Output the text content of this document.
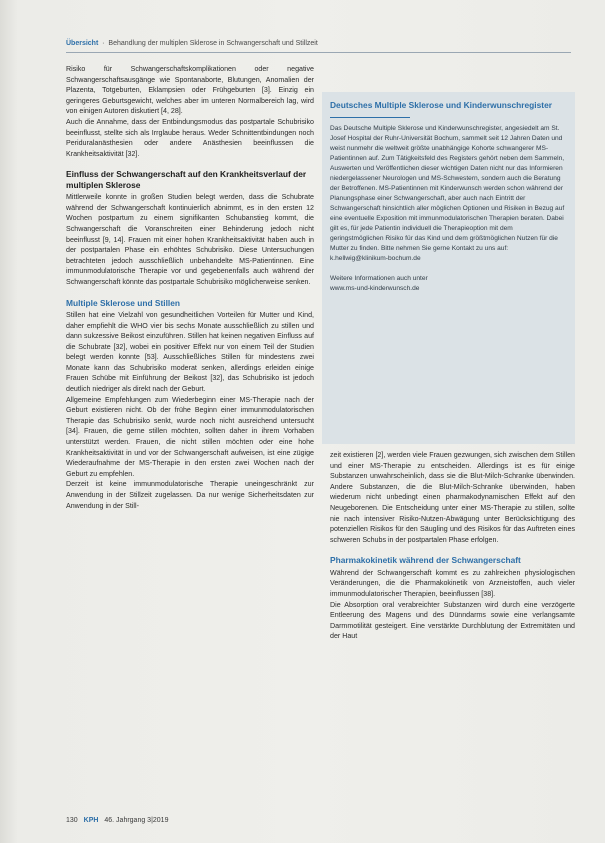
Übersicht  ·  Behandlung der multiplen Sklerose in Schwangerschaft und Stillzeit

Risiko für Schwangerschaftskomplikationen oder negative Schwangerschaftsausgänge wie Spontanaborte, Blutungen, Anomalien der Plazenta, Totgeburten, Eklampsien oder Frühgeburten [3]. Einzig ein geringeres Geburtsgewicht, welches aber im unteren Normalbereich lag, wird von einigen Autoren diskutiert [4, 28].

Auch die Annahme, dass der Entbindungsmodus das postpartale Schubrisiko beeinflusst, stellte sich als Irrglaube heraus. Weder Schnittentbindungen noch Periduralanästhesien oder andere Anästhesien beeinflussen die Krankheitsaktivität [32].

Einfluss der Schwangerschaft auf den Krankheitsverlauf der multiplen Sklerose

Mittlerweile konnte in großen Studien belegt werden, dass die Schubrate während der Schwangerschaft kontinuierlich abnimmt, es in den ersten 12 Wochen postpartum zu einem signifikanten Schubanstieg kommt, die Schwangerschaft die Voranschreiten einer Behinderung jedoch nicht beeinflusst [9, 14]. Frauen mit einer hohen Krankheitsaktivität haben auch in der postpartalen Phase ein erhöhtes Schubrisiko. Diese Untersuchungen betrachteten jedoch ausschließlich unbehandelte MS-Patientinnen. Eine immunmodulatorische Therapie vor und gegebenenfalls auch während der Schwangerschaft könnte das postpartale Schubrisiko möglicherweise senken.

Multiple Sklerose und Stillen

Stillen hat eine Vielzahl von gesundheitlichen Vorteilen für Mutter und Kind, daher empfiehlt die WHO vier bis sechs Monate ausschließlich zu stillen und dann sukzessive Beikost einzuführen. Stillen hat keinen negativen Einfluss auf die Schubrate [32], wobei ein positiver Effekt nur von einem Teil der Studien belegt werden konnte [53]. Ausschließliches Stillen für mindestens zwei Monate kann das Schubrisiko moderat senken, allerdings erleiden einige Frauen Schübe mit Einführung der Beikost [32], das Schubrisiko ist jedoch deutlich niedriger als direkt nach der Geburt.

Allgemeine Empfehlungen zum Wiederbeginn einer MS-Therapie nach der Geburt existieren nicht. Ob der frühe Beginn einer immunmodulatorischen Therapie das Schubrisiko senkt, wurde noch nicht ausreichend untersucht [34]. Frauen, die gerne stillen möchten, sollten daher in ihrem Vorhaben unterstützt werden. Frauen, die nicht stillen möchten oder eine hohe Krankheitsaktivität in und vor der Schwangerschaft aufweisen, ist eine zügige Wiederaufnahme der MS-Therapie in den ersten zwei Wochen nach der Geburt zu empfehlen.

Derzeit ist keine immunmodulatorische Therapie uneingeschränkt zur Anwendung in der Stillzeit zugelassen. Da nur wenige Sicherheitsdaten zur Anwendung in der Still-

Deutsches Multiple Sklerose und Kinderwunschregister

Das Deutsche Multiple Sklerose und Kinderwunschregister, angesiedelt am St. Josef Hospital der Ruhr-Universität Bochum, sammelt seit 12 Jahren Daten und weist nunmehr die weltweit größte unabhängige Kohorte schwangerer MS-Patientinnen auf. Zum Tätigkeitsfeld des Registers gehört neben dem Sammeln, Auswerten und Veröffentlichen dieser wichtigen Daten nicht nur das Informieren niedergelassener Neurologen und MS-Schwestern, sondern auch die Beratung der Betroffenen. MS-Patientinnen mit Kinderwunsch werden schon während der Planungsphase einer Schwangerschaft, aber auch nach Eintritt der Schwangerschaft hinsichtlich aller möglichen Optionen und Risiken in Bezug auf eine eventuelle Exposition mit immunmodulatorischen Therapien beraten. Dabei gilt es, für jede Patientin individuell die Therapieoption mit dem geringstmöglichen Risiko für das Kind und dem größtmöglichen Nutzen für die Mutter zu finden. Bitte nehmen Sie gerne Kontakt zu uns auf: k.hellwig@klinikum-bochum.de

Weitere Informationen auch unter

www.ms-und-kinderwunsch.de

zeit existieren [2], werden viele Frauen gezwungen, sich zwischen dem Stillen und einer MS-Therapie zu entscheiden. Allerdings ist es für einige Substanzen unwahrscheinlich, dass sie die Blut-Milch-Schranke überwinden. Andere Substanzen, die die Blut-Milch-Schranke überwinden, haben wiederum nicht unbedingt einen pharmakodynamischen Effekt auf den Neugeborenen. Die Entscheidung unter einer MS-Therapie zu stillen, sollte nie nach intensiver Risiko-Nutzen-Abwägung unter Berücksichtigung des potenziellen Risikos für den Säugling und des Risikos für das Auftreten eines schweren Schubs in der postpartalen Phase erfolgen.

Pharmakokinetik während der Schwangerschaft

Während der Schwangerschaft kommt es zu zahlreichen physiologischen Veränderungen, die die Pharmakokinetik von Arzneistoffen, auch vieler immunmodulatorischer Therapien, beeinflussen [38].

Die Absorption oral verabreichter Substanzen wird durch eine verzögerte Entleerung des Magens und des Dünndarms sowie eine verlangsamte Darmmotilität gesteigert. Eine verstärkte Durchblutung der Extremitäten und der Haut

130 KPH 46. Jahrgang 3|2019
